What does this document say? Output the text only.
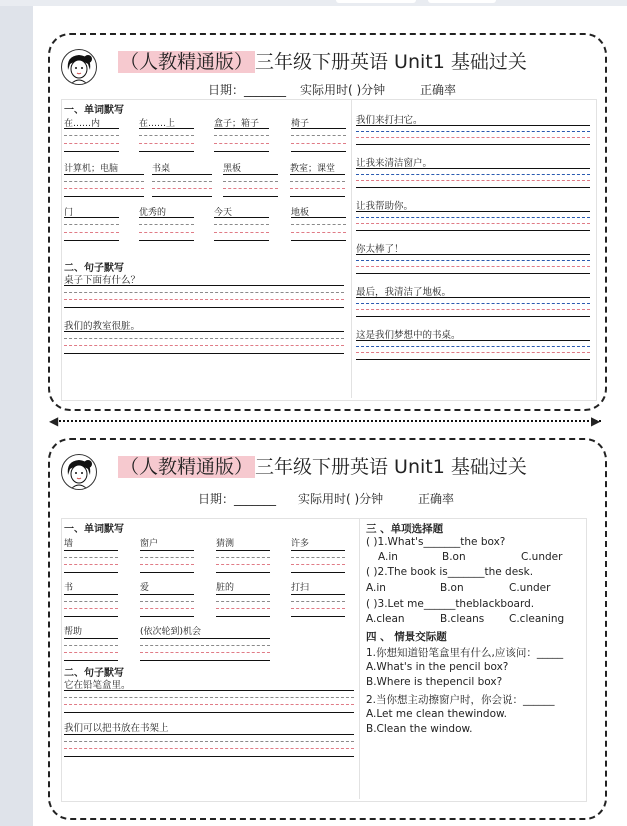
（人教精通版） 三年级下册英语 Unit1 基础过关
日期：_______ 实际用时( )分钟	正确率
一、单词默写
在……内	在……上	盒子；箱子	椅子
计算机；电脑	书桌	黑板	教室；课堂
门	优秀的	今天	地板
二、句子默写
桌子下面有什么？
我们的教室很脏。
我们来打扫它。
让我来清洁窗户。
让我帮助你。
你太棒了！
最后，我清洁了地板。
这是我们梦想中的书桌。
◀	▶
（人教精通版） 三年级下册英语 Unit1 基础过关
日期：_______ 实际用时( )分钟	正确率
一、单词默写
墙	窗户	猜测	许多
书	爱	脏的	打扫
帮助	(依次轮到)机会
二、句子默写
它在铅笔盒里。
我们可以把书放在书架上
三 、单项选择题
( )1.What's_______the box?
A.in	B.on	C.under
( )2.The book is_______the desk.
A.in	B.on	C.under
( )3.Let me______theblackboard.
A.clean	B.cleans C.cleaning
四 、 情景交际题
1.你想知道铅笔盒里有什么,应该问：_____
A.What's in the pencil box?
B.Where is thepencil box?
2.当你想主动擦窗户时，你会说：______
A.Let me clean thewindow.
B.Clean the window.
